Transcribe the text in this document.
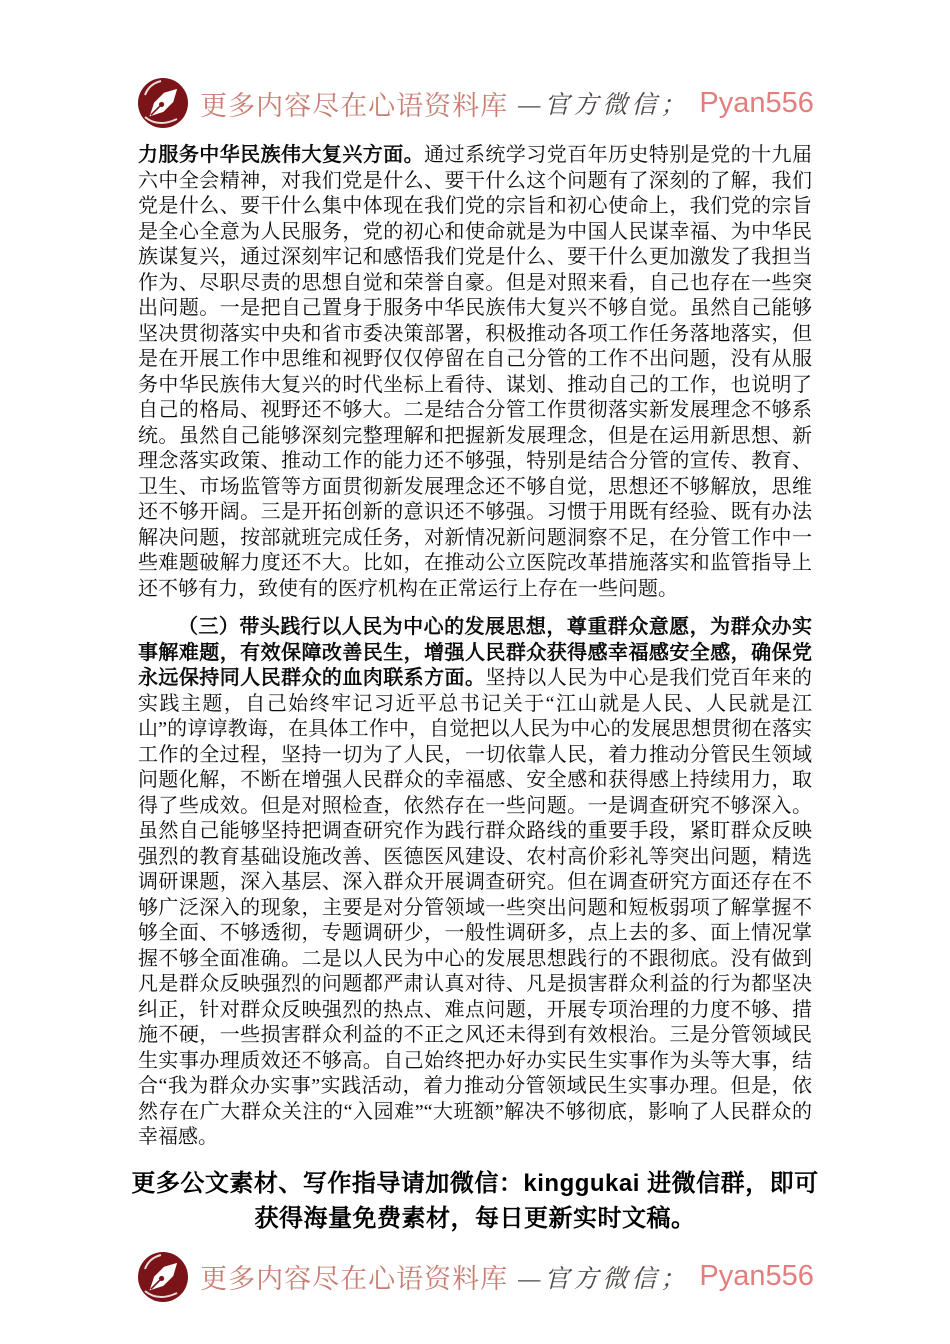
更多内容尽在心语资料库 —官方微信； Pyan556

力服务中华民族伟大复兴方面。通过系统学习党百年历史特别是党的十九届六中全会精神，对我们党是什么、要干什么这个问题有了深刻的了解，我们党是什么、要干什么集中体现在我们党的宗旨和初心使命上，我们党的宗旨是全心全意为人民服务，党的初心和使命就是为中国人民谋幸福、为中华民族谋复兴，通过深刻牢记和感悟我们党是什么、要干什么更加激发了我担当作为、尽职尽责的思想自觉和荣誉自豪。但是对照来看，自己也存在一些突出问题。一是把自己置身于服务中华民族伟大复兴不够自觉。虽然自己能够坚决贯彻落实中央和省市委决策部署，积极推动各项工作任务落地落实，但是在开展工作中思维和视野仅仅停留在自己分管的工作不出问题，没有从服务中华民族伟大复兴的时代坐标上看待、谋划、推动自己的工作，也说明了自己的格局、视野还不够大。二是结合分管工作贯彻落实新发展理念不够系统。虽然自己能够深刻完整理解和把握新发展理念，但是在运用新思想、新理念落实政策、推动工作的能力还不够强，特别是结合分管的宣传、教育、卫生、市场监管等方面贯彻新发展理念还不够自觉，思想还不够解放，思维还不够开阔。三是开拓创新的意识还不够强。习惯于用既有经验、既有办法解决问题，按部就班完成任务，对新情况新问题洞察不足，在分管工作中一些难题破解力度还不大。比如，在推动公立医院改革措施落实和监管指导上还不够有力，致使有的医疗机构在正常运行上存在一些问题。

（三）带头践行以人民为中心的发展思想，尊重群众意愿，为群众办实事解难题，有效保障改善民生，增强人民群众获得感幸福感安全感，确保党永远保持同人民群众的血肉联系方面。坚持以人民为中心是我们党百年来的实践主题，自己始终牢记习近平总书记关于“江山就是人民、人民就是江山”的谆谆教诲，在具体工作中，自觉把以人民为中心的发展思想贯彻在落实工作的全过程，坚持一切为了人民，一切依靠人民，着力推动分管民生领域问题化解，不断在增强人民群众的幸福感、安全感和获得感上持续用力，取得了些成效。但是对照检查，依然存在一些问题。一是调查研究不够深入。虽然自己能够坚持把调查研究作为践行群众路线的重要手段，紧盯群众反映强烈的教育基础设施改善、医德医风建设、农村高价彩礼等突出问题，精选调研课题，深入基层、深入群众开展调查研究。但在调查研究方面还存在不够广泛深入的现象，主要是对分管领域一些突出问题和短板弱项了解掌握不够全面、不够透彻，专题调研少，一般性调研多，点上去的多、面上情况掌握不够全面准确。二是以人民为中心的发展思想践行的不跟彻底。没有做到凡是群众反映强烈的问题都严肃认真对待、凡是损害群众利益的行为都坚决纠正，针对群众反映强烈的热点、难点问题，开展专项治理的力度不够、措施不硬，一些损害群众利益的不正之风还未得到有效根治。三是分管领域民生实事办理质效还不够高。自己始终把办好办实民生实事作为头等大事，结合“我为群众办实事”实践活动，着力推动分管领域民生实事办理。但是，依然存在广大群众关注的“入园难”“大班额”解决不够彻底，影响了人民群众的幸福感。

更多公文素材、写作指导请加微信：kinggukai 进微信群，即可获得海量免费素材，每日更新实时文稿。
更多内容尽在心语资料库 —官方微信； Pyan556
